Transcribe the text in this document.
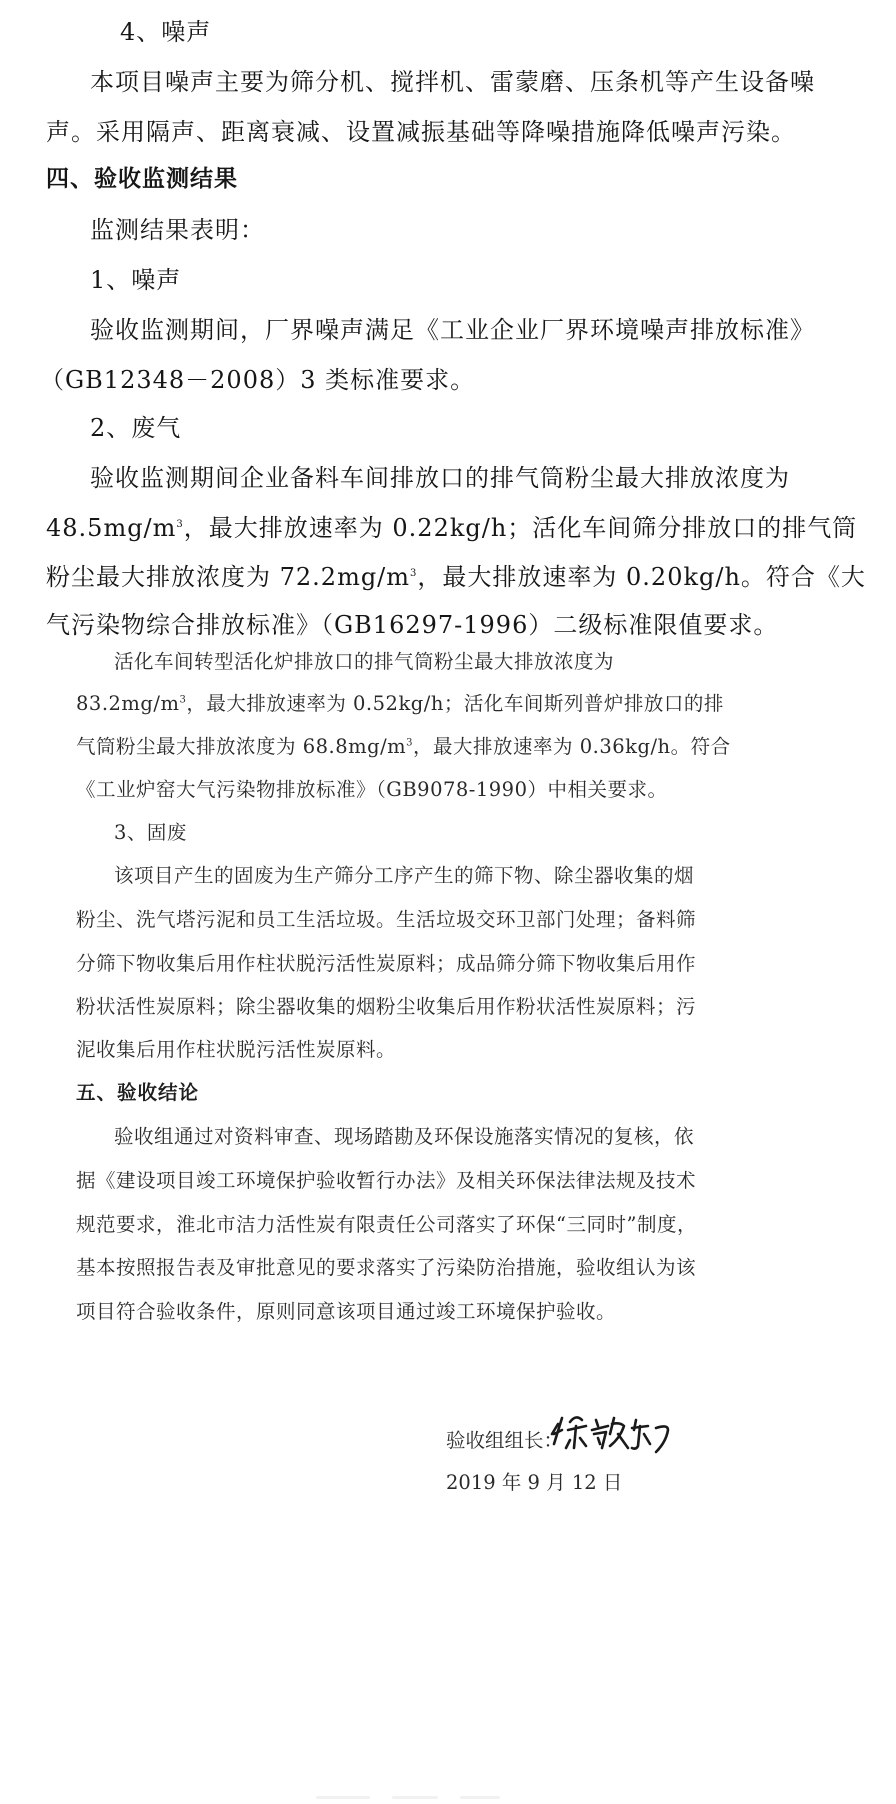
4、噪声
本项目噪声主要为筛分机、搅拌机、雷蒙磨、压条机等产生设备噪
声。采用隔声、距离衰减、设置减振基础等降噪措施降低噪声污染。
四、验收监测结果
监测结果表明：
1、噪声
验收监测期间，厂界噪声满足《工业企业厂界环境噪声排放标准》
（GB12348－2008）3 类标准要求。
2、废气
验收监测期间企业备料车间排放口的排气筒粉尘最大排放浓度为
$48.5mg/m^3$，最大排放速率为 0.22kg/h；活化车间筛分排放口的排气筒
粉尘最大排放浓度为 $72.2mg/m^3$，最大排放速率为 0.20kg/h。符合《大
气污染物综合排放标准》（GB16297-1996）二级标准限值要求。
活化车间转型活化炉排放口的排气筒粉尘最大排放浓度为
$83.2mg/m^3$，最大排放速率为 0.52kg/h；活化车间斯列普炉排放口的排
气筒粉尘最大排放浓度为 $68.8mg/m^3$，最大排放速率为 0.36kg/h。符合
《工业炉窑大气污染物排放标准》（GB9078-1990）中相关要求。
3、固废
该项目产生的固废为生产筛分工序产生的筛下物、除尘器收集的烟
粉尘、洗气塔污泥和员工生活垃圾。生活垃圾交环卫部门处理；备料筛
分筛下物收集后用作柱状脱污活性炭原料；成品筛分筛下物收集后用作
粉状活性炭原料；除尘器收集的烟粉尘收集后用作粉状活性炭原料；污
泥收集后用作柱状脱污活性炭原料。
五、验收结论
验收组通过对资料审查、现场踏勘及环保设施落实情况的复核，依
据《建设项目竣工环境保护验收暂行办法》及相关环保法律法规及技术
规范要求，淮北市洁力活性炭有限责任公司落实了环保“三同时”制度，
基本按照报告表及审批意见的要求落实了污染防治措施，验收组认为该
项目符合验收条件，原则同意该项目通过竣工环境保护验收。
验收组组长：
2019 年 9 月 12 日
